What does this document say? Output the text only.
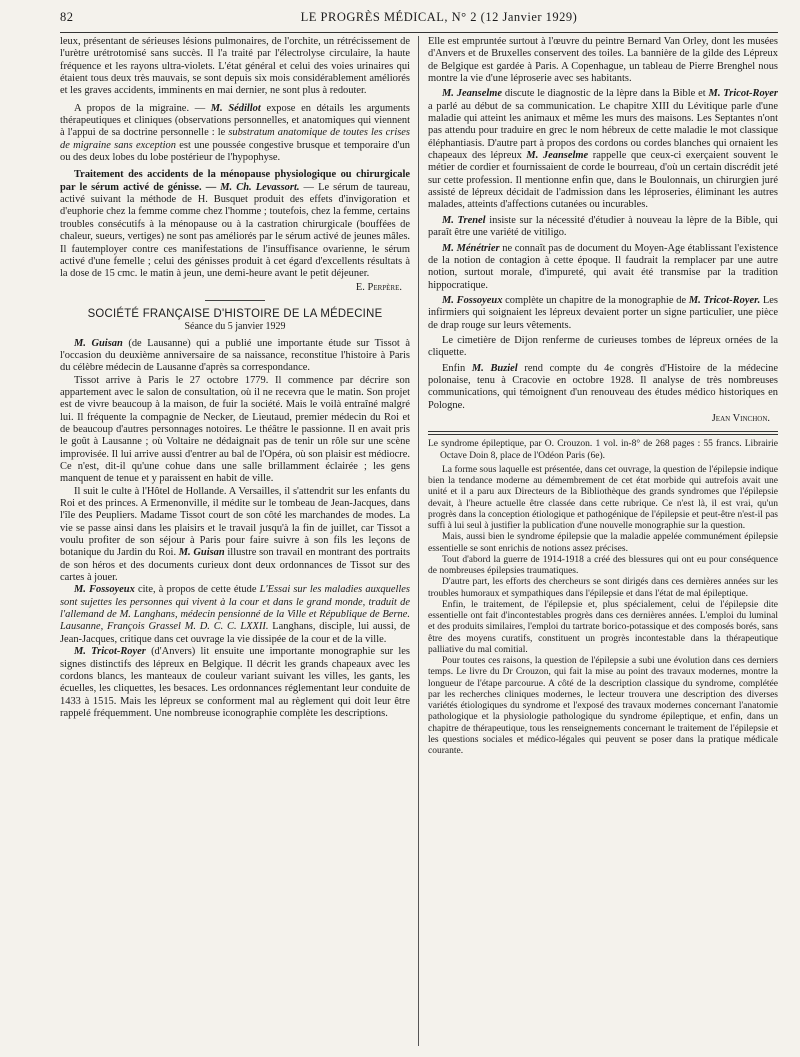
82	LE PROGRÈS MÉDICAL, N° 2 (12 Janvier 1929)

leux, présentant de sérieuses lésions pulmonaires, de l'orchite, un rétrécissement de l'urètre urétrotomisé sans succès. Il l'a traité par l'électrolyse circulaire, la haute fréquence et les rayons ultra-violets. L'état général et celui des voies urinaires qui étaient tous deux très mauvais, se sont depuis six mois considérablement améliorés et les graves accidents, imminents en mai dernier, ne sont plus à redouter.

A propos de la migraine. — M. Sédillot expose en détails les arguments thérapeutiques et cliniques (observations personnelles, et anatomiques qui viennent à l'appui de sa doctrine personnelle : le substratum anatomique de toutes les crises de migraine sans exception est une poussée congestive brusque et temporaire d'un ou des deux lobes du lobe postérieur de l'hypophyse.

Traitement des accidents de la ménopause physiologique ou chirurgicale par le sérum activé de génisse. — M. Ch. Levassort. — Le sérum de taureau, activé suivant la méthode de H. Busquet produit des effets d'invigoration et d'euphorie chez la femme comme chez l'homme ; toutefois, chez la femme, certains troubles consécutifs à la ménopause ou à la castration chirurgicale (bouffées de chaleur, sueurs, vertiges) ne sont pas améliorés par le sérum activé de jeunes mâles. Il fautemployer contre ces manifestations de l'insuffisance ovarienne, le sérum activé d'une femelle ; celui des génisses produit à cet égard d'excellents résultats à la dose de 15 cmc. le matin à jeun, une demi-heure avant le petit déjeuner.

E. Perpère.
SOCIÉTÉ FRANÇAISE D'HISTOIRE DE LA MÉDECINE
Séance du 5 janvier 1929

M. Guisan (de Lausanne) qui a publié une importante étude sur Tissot à l'occasion du deuxième anniversaire de sa naissance, reconstitue l'histoire à Paris du célèbre médecin de Lausanne d'après sa correspondance.

Tissot arrive à Paris le 27 octobre 1779. Il commence par décrire son appartement avec le salon de consultation, où il ne recevra que le matin. Son projet est de vivre beaucoup à la maison, de fuir la société. Mais le voilà entraîné malgré lui. Il fréquente la compagnie de Necker, de Lieutaud, premier médecin du Roi et de beaucoup d'autres personnages notoires. Le théâtre le passionne. Il en avait pris le goût à Lausanne ; où Voltaire ne dédaignait pas de tenir un rôle sur une scène improvisée. Il lui arrive aussi d'entrer au bal de l'Opéra, où son plaisir est médiocre. Ce n'est, dit-il qu'une cohue dans une salle brillamment éclairée ; les gens manquent de tenue et y paraissent en habit de ville.

Il suit le culte à l'Hôtel de Hollande. A Versailles, il s'attendrit sur les enfants du Roi et des princes. A Ermenonville, il médite sur le tombeau de Jean-Jacques, dans l'île des Peupliers. Madame Tissot court de son côté les marchandes de modes. La vie se passe ainsi dans les plaisirs et le travail jusqu'à la fin de juillet, car Tissot a voulu profiter de son séjour à Paris pour faire suivre à son fils les leçons de botanique du Jardin du Roi. M. Guisan illustre son travail en montrant des portraits de son héros et des documents curieux dont deux ordonnances de Tissot sur des cartes à jouer.

M. Fossoyeux cite, à propos de cette étude L'Essai sur les maladies auxquelles sont sujettes les personnes qui vivent à la cour et dans le grand monde, traduit de l'allemand de M. Langhans, médecin pensionné de la Ville et République de Berne. Lausanne, François Grassel M. D. C. C. LXXII. Langhans, disciple, lui aussi, de Jean-Jacques, critique dans cet ouvrage la vie dissipée de la cour et de la ville.

M. Tricot-Royer (d'Anvers) lit ensuite une importante monographie sur les signes distinctifs des lépreux en Belgique. Il décrit les grands chapeaux avec les cordons blancs, les manteaux de couleur variant suivant les villes, les gants, les écuelles, les cliquettes, les besaces. Les ordonnances réglementant leur conduite de 1433 à 1515. Mais les lépreux se conforment mal au règlement qui doit leur être rappelé fréquemment. Une nombreuse iconographie complète les descriptions.

Elle est empruntée surtout à l'œuvre du peintre Bernard Van Orley, dont les musées d'Anvers et de Bruxelles conservent des toiles. La bannière de la gilde des Lépreux de Belgique est gardée à Paris. A Copenhague, un tableau de Pierre Brenghel nous montre la vie d'une léproserie avec ses habitants.

M. Jeanselme discute le diagnostic de la lèpre dans la Bible et M. Tricot-Royer a parlé au début de sa communication. Le chapitre XIII du Lévitique parle d'une maladie qui atteint les animaux et même les murs des maisons. Les Septantes n'ont pas attendu pour traduire en grec le nom hébreux de cette maladie le mot classique éléphantiasis. D'autre part à propos des cordons ou cordes blanches qui ornaient les chapeaux des lépreux M. Jeanselme rappelle que ceux-ci exerçaient souvent le métier de cordier et fournissaient de corde le bourreau, d'où un certain discrédit jeté sur cette profession. Il mentionne enfin que, dans le Boulonnais, un chirurgien juré assisté de lépreux décidait de l'admission dans les léproseries, éliminant les autres malades, atteints d'affections cutanées ou incurables.

M. Trenel insiste sur la nécessité d'étudier à nouveau la lèpre de la Bible, qui paraît être une variété de vitiligo.

M. Ménétrier ne connaît pas de document du Moyen-Age établissant l'existence de la notion de contagion à cette époque. Il faudrait la remplacer par une autre notion, surtout morale, d'impureté, qui avait été transmise par la tradition hippocratique.

M. Fossoyeux complète un chapitre de la monographie de M. Tricot-Royer. Les infirmiers qui soignaient les lépreux devaient porter un signe particulier, une pièce de drap rouge sur leurs vêtements.

Le cimetière de Dijon renferme de curieuses tombes de lépreux ornées de la cliquette.

Enfin M. Buziel rend compte du 4e congrès d'Histoire de la médecine polonaise, tenu à Cracovie en octobre 1928. Il analyse de très nombreuses communications, qui témoignent d'un renouveau des études médico historiques en Pologne.

Jean Vinchon.

Le syndrome épileptique, par O. Crouzon. 1 vol. in-8° de 268 pages : 55 francs. Librairie Octave Doin 8, place de l'Odéon Paris (6e).

La forme sous laquelle est présentée, dans cet ouvrage, la question de l'épilepsie indique bien la tendance moderne au démembrement de cet état morbide qui autrefois avait une unité et il a paru aux Directeurs de la Bibliothèque des grands syndromes que l'épilepsie devait, à l'heure actuelle être classée dans cette rubrique. Ce n'est là, il est vrai, qu'un progrès dans la conception étiologique et pathogénique de l'épilepsie et peut-être n'est-il pas suffi à lui seul à justifier la publication d'une nouvelle monographie sur la question.

Mais, aussi bien le syndrome épilepsie que la maladie appelée communément épilepsie essentielle se sont enrichis de notions assez précises.

Tout d'abord la guerre de 1914-1918 a créé des blessures qui ont eu pour conséquence de nombreuses épilepsies traumatiques.

D'autre part, les efforts des chercheurs se sont dirigés dans ces dernières années sur les troubles humoraux et sympathiques dans l'épilepsie et dans l'état de mal épileptique.

Enfin, le traitement, de l'épilepsie et, plus spécialement, celui de l'épilepsie dite essentielle ont fait d'incontestables progrès dans ces dernières années. L'emploi du luminal et des produits similaires, l'emploi du tartrate borico-potassique et des composés borés, sans être des moyens curatifs, constituent un progrès incontestable dans la thérapeutique palliative du mal comitial.

Pour toutes ces raisons, la question de l'épilepsie a subi une évolution dans ces derniers temps. Le livre du Dr Crouzon, qui fait la mise au point des travaux modernes, montre la longueur de l'étape parcourue. A côté de la description classique du syndrome, complétée par les recherches cliniques modernes, le lecteur trouvera une description des diverses variétés étiologiques du syndrome et l'exposé des travaux modernes concernant l'anatomie pathologique et la physiologie pathologique du syndrome épileptique, et enfin, dans un chapitre de thérapeutique, tous les renseignements concernant le traitement de l'épilepsie et les questions sociales et médico-légales qui peuvent se poser dans la pratique médicale courante.
